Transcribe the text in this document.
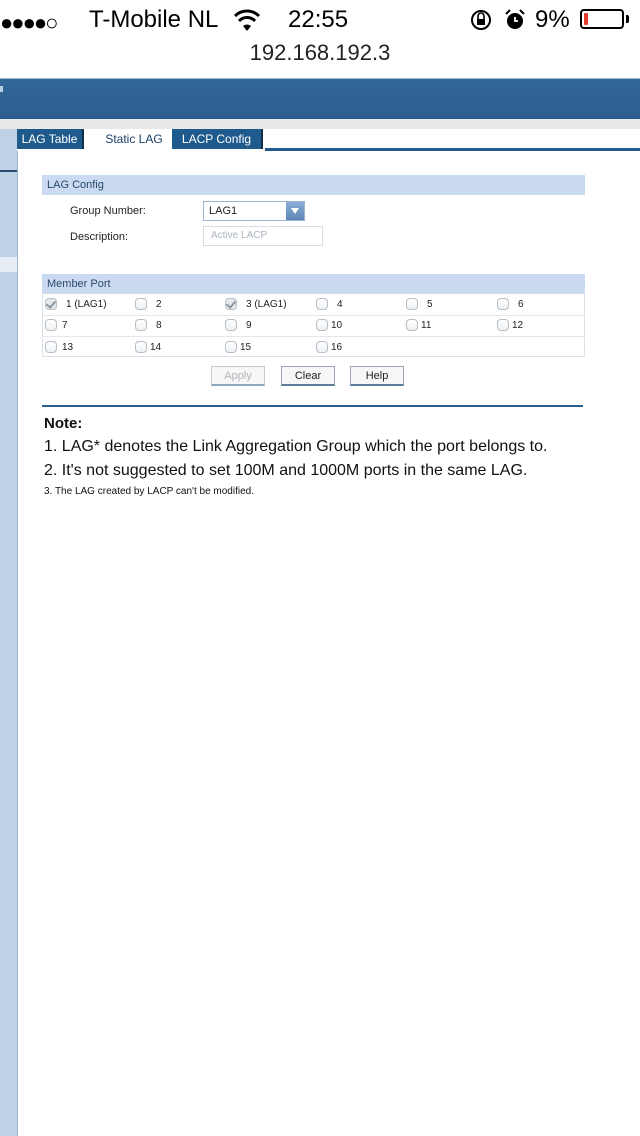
●●●●○ T-Mobile NL	22:55	9%
192.168.192.3
LAG Table	Static LAG	LACP Config
LAG Config
Group Number:	LAG1
Description:	Active LACP
Member Port
1 (LAG1)	2	3 (LAG1)	4	5	6
7	8	9	10	11	12
13	14	15	16
Apply	Clear	Help
Note:
1. LAG* denotes the Link Aggregation Group which the port belongs to.
2. It's not suggested to set 100M and 1000M ports in the same LAG.
3. The LAG created by LACP can't be modified.
